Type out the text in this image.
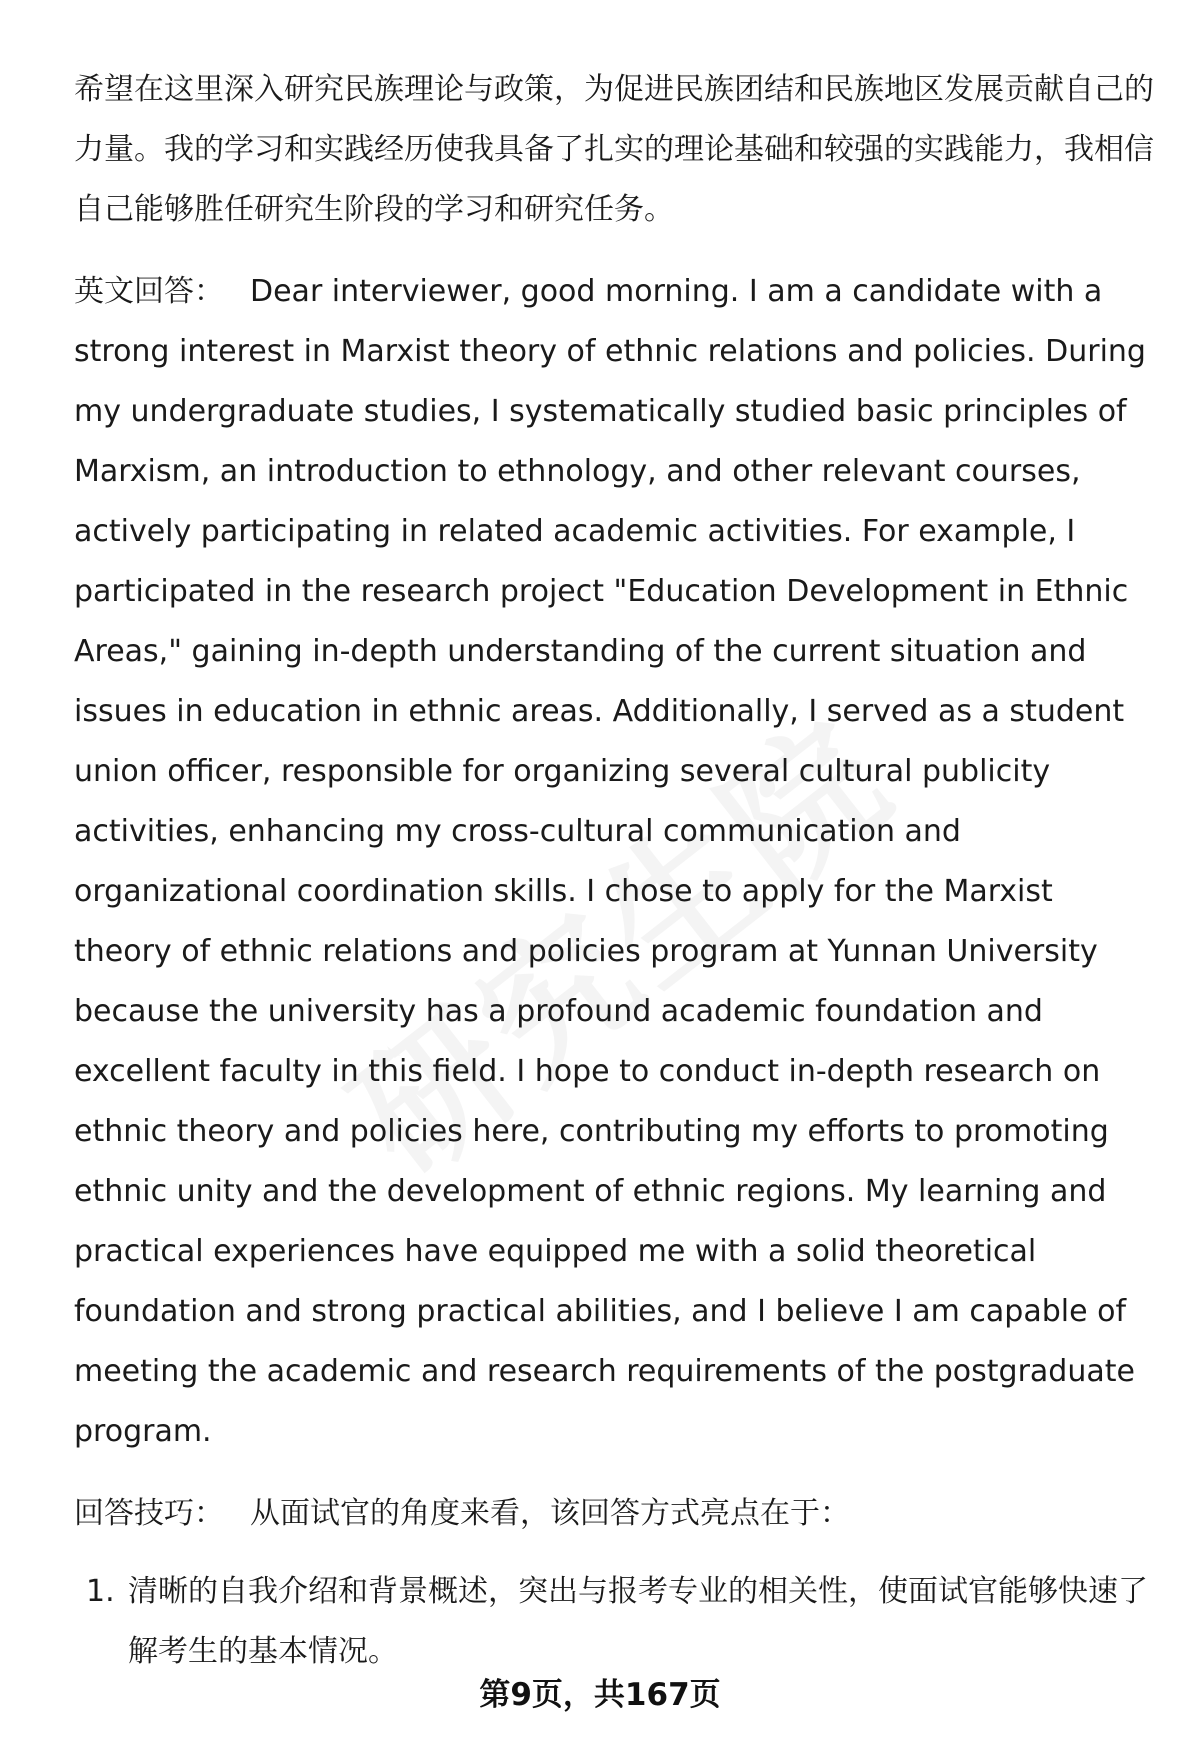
希望在这里深入研究民族理论与政策，为促进民族团结和民族地区发展贡献自己的力量。我的学习和实践经历使我具备了扎实的理论基础和较强的实践能力，我相信自己能够胜任研究生阶段的学习和研究任务。

英文回答： Dear interviewer, good morning. I am a candidate with a strong interest in Marxist theory of ethnic relations and policies. During my undergraduate studies, I systematically studied basic principles of Marxism, an introduction to ethnology, and other relevant courses, actively participating in related academic activities. For example, I participated in the research project "Education Development in Ethnic Areas," gaining in-depth understanding of the current situation and issues in education in ethnic areas. Additionally, I served as a student union officer, responsible for organizing several cultural publicity activities, enhancing my cross-cultural communication and organizational coordination skills. I chose to apply for the Marxist theory of ethnic relations and policies program at Yunnan University because the university has a profound academic foundation and excellent faculty in this field. I hope to conduct in-depth research on ethnic theory and policies here, contributing my efforts to promoting ethnic unity and the development of ethnic regions. My learning and practical experiences have equipped me with a solid theoretical foundation and strong practical abilities, and I believe I am capable of meeting the academic and research requirements of the postgraduate program.

回答技巧： 从面试官的角度来看，该回答方式亮点在于：

1. 清晰的自我介绍和背景概述，突出与报考专业的相关性，使面试官能够快速了解考生的基本情况。
第9页，共167页
